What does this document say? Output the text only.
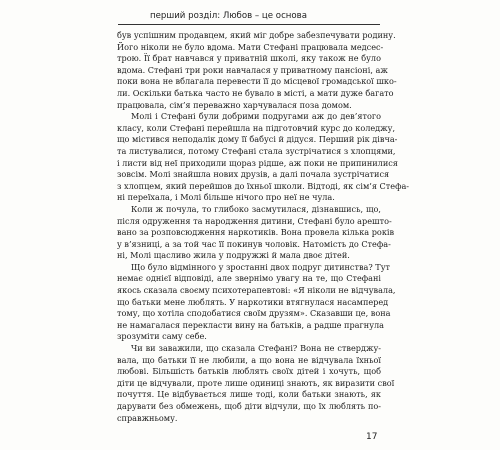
перший розділ: Любов – це основа
був успішним продавцем, який міг добре забезпечувати родину.
Його ніколи не було вдома. Мати Стефані працювала медсес-
трою. Її брат навчався у приватній школі, яку також не було
вдома. Стефані три роки навчалася у приватному пансіоні, аж
поки вона не вблагала перевести її до місцевої громадської шко-
ли. Оскільки батька часто не бувало в місті, а мати дуже багато
працювала, сім’я переважно харчувалася поза домом.
Молі і Стефані були добрими подругами аж до дев’ятого
класу, коли Стефані перейшла на підготовчий курс до коледжу,
що містився неподалік дому її бабусі й дідуся. Перший рік дівча-
та листувалися, потому Стефані стала зустрічатися з хлопцями,
і листи від неї приходили щораз рідше, аж поки не припинилися
зовсім. Молі знайшла нових друзів, а далі почала зустрічатися
з хлопцем, який перейшов до їхньої школи. Відтоді, як сім’я Стефа-
ні переїхала, і Молі більше нічого про неї не чула.
Коли ж почула, то глибоко засмутилася, дізнавшись, що,
після одруження та народження дитини, Стефані було арешто-
вано за розповсюдження наркотиків. Вона провела кілька років
у в’язниці, а за той час її покинув чоловік. Натомість до Стефа-
ні, Молі щасливо жила у подружжі й мала двоє дітей.
Що було відмінного у зростанні двох подруг дитинства? Тут
немає однієї відповіді, але звернімо увагу на те, що Стефані
якось сказала своєму психотерапевтові: «Я ніколи не відчувала,
що батьки мене люблять. У наркотики втягнулася насамперед
тому, що хотіла сподобатися своїм друзям». Сказавши це, вона
не намагалася перекласти вину на батьків, а радше прагнула
зрозуміти саму себе.
Чи ви заважили, що сказала Стефані? Вона не стверджу-
вала, що батьки її не любили, а що вона не відчувала їхньої
любові. Більшість батьків люблять своїх дітей і хочуть, щоб
діти це відчували, проте лише одиниці знають, як виразити свої
почуття. Це відбувається лише тоді, коли батьки знають, як
дарувати без обмежень, щоб діти відчули, що їх люблять по-
справжньому.
17
